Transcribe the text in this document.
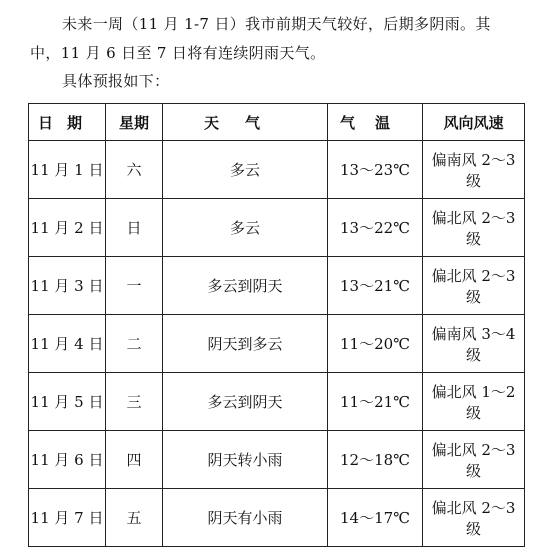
未来一周（11 月 1-7 日）我市前期天气较好，后期多阴雨。其
中，11 月 6 日至 7 日将有连续阴雨天气。
具体预报如下：
日期	星期	天气	气温	风向风速
11 月 1 日	六	多云	13～23℃	偏南风 2～3 级
11 月 2 日	日	多云	13～22℃	偏北风 2～3 级
11 月 3 日	一	多云到阴天	13～21℃	偏北风 2～3 级
11 月 4 日	二	阴天到多云	11～20℃	偏南风 3～4 级
11 月 5 日	三	多云到阴天	11～21℃	偏北风 1～2 级
11 月 6 日	四	阴天转小雨	12～18℃	偏北风 2～3 级
11 月 7 日	五	阴天有小雨	14～17℃	偏北风 2～3 级
